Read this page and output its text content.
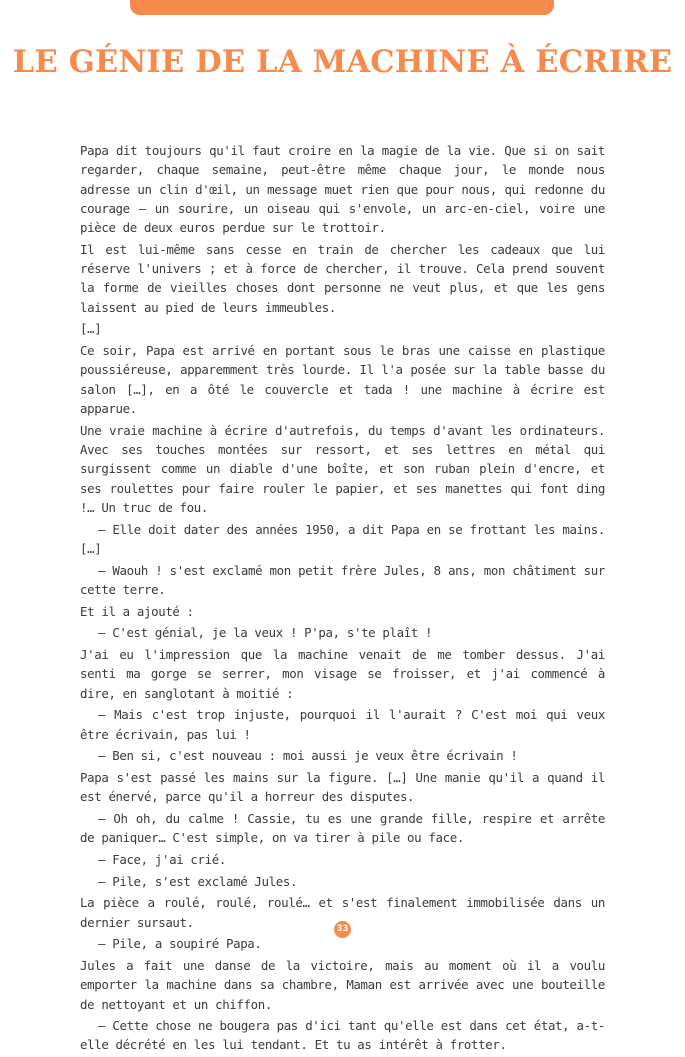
LE GÉNIE DE LA MACHINE À ÉCRIRE

Papa dit toujours qu'il faut croire en la magie de la vie. Que si on sait regarder, chaque semaine, peut-être même chaque jour, le monde nous adresse un clin d'œil, un message muet rien que pour nous, qui redonne du courage — un sourire, un oiseau qui s'envole, un arc-en-ciel, voire une pièce de deux euros perdue sur le trottoir.

Il est lui-même sans cesse en train de chercher les cadeaux que lui réserve l'univers ; et à force de chercher, il trouve. Cela prend souvent la forme de vieilles choses dont personne ne veut plus, et que les gens laissent au pied de leurs immeubles.

[…]

Ce soir, Papa est arrivé en portant sous le bras une caisse en plastique poussiéreuse, apparemment très lourde. Il l'a posée sur la table basse du salon […], en a ôté le couvercle et tada ! une machine à écrire est apparue.

Une vraie machine à écrire d'autrefois, du temps d'avant les ordinateurs. Avec ses touches montées sur ressort, et ses lettres en métal qui surgissent comme un diable d'une boîte, et son ruban plein d'encre, et ses roulettes pour faire rouler le papier, et ses manettes qui font ding !… Un truc de fou.

— Elle doit dater des années 1950, a dit Papa en se frottant les mains. […]

— Waouh ! s'est exclamé mon petit frère Jules, 8 ans, mon châtiment sur cette terre.

Et il a ajouté :

— C'est génial, je la veux ! P'pa, s'te plaît !

J'ai eu l'impression que la machine venait de me tomber dessus. J'ai senti ma gorge se serrer, mon visage se froisser, et j'ai commencé à dire, en sanglotant à moitié :

— Mais c'est trop injuste, pourquoi il l'aurait ? C'est moi qui veux être écrivain, pas lui !

— Ben si, c'est nouveau : moi aussi je veux être écrivain !

Papa s'est passé les mains sur la figure. […] Une manie qu'il a quand il est énervé, parce qu'il a horreur des disputes.

— Oh oh, du calme ! Cassie, tu es une grande fille, respire et arrête de paniquer… C'est simple, on va tirer à pile ou face.

— Face, j'ai crié.

— Pile, s'est exclamé Jules.

La pièce a roulé, roulé, roulé… et s'est finalement immobilisée dans un dernier sursaut.

— Pile, a soupiré Papa.

Jules a fait une danse de la victoire, mais au moment où il a voulu emporter la machine dans sa chambre, Maman est arrivée avec une bouteille de nettoyant et un chiffon.

— Cette chose ne bougera pas d'ici tant qu'elle est dans cet état, a-t-elle décrété en les lui tendant. Et tu as intérêt à frotter.

33
